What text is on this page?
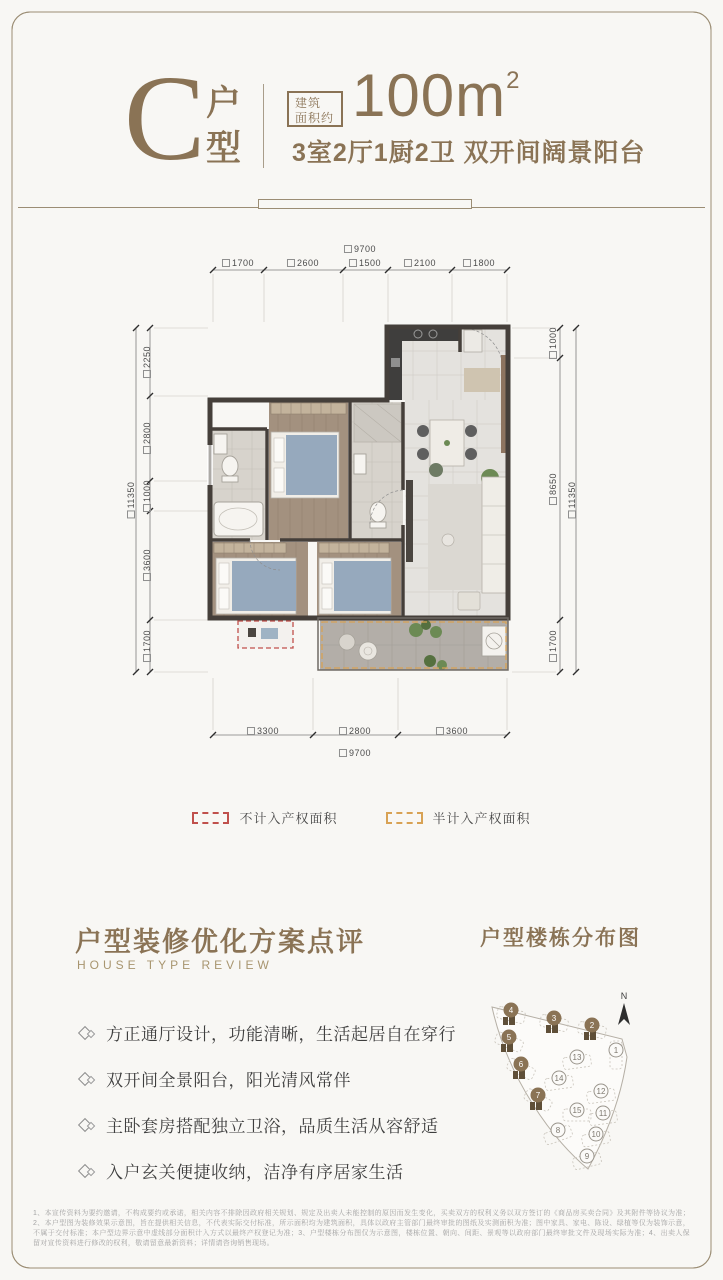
C 户
型
建筑
面积约 $100m^2$
3室2厅1厨2卫 双开间阔景阳台
9700
1700	2600	1500	2100	1800
2250
2800
1000
3600
1700
11350
1000
8650
1700
11350
3300	2800	3600
9700
不计入产权面积	半计入产权面积
户型装修优化方案点评
HOUSE TYPE REVIEW
方正通厅设计，功能清晰，生活起居自在穿行
双开间全景阳台，阳光清风常伴
主卧套房搭配独立卫浴，品质生活从容舒适
入户玄关便捷收纳，洁净有序居家生活
户型楼栋分布图
N
4
3
2
5
1
13
6
14
12
7
15 11
8	10
9
1、本宣传资料为要约邀请，不构成要约或承诺，相关内容不排除因政府相关规划、规定及出卖人未能控制的原因而发生变化，买卖双方的权利义务以双方签订的《商品房买卖合同》及其附件等协议为准；2、本户型图为装修效果示意图，旨在提供相关信息，不代表实际交付标准，所示面积均为建筑面积，具体以政府主管部门最终审批的图纸及实测面积为准；图中家具、家电、陈设、绿植等仅为装饰示意，不属于交付标准；本户型边界示意中虚线部分面积计入方式以最终产权登记为准；3、户型楼栋分布图仅为示意图，楼栋位置、朝向、间距、景观等以政府部门最终审批文件及现场实际为准；4、出卖人保留对宣传资料进行修改的权利，敬请留意最新资料；详情请咨询销售现场。
